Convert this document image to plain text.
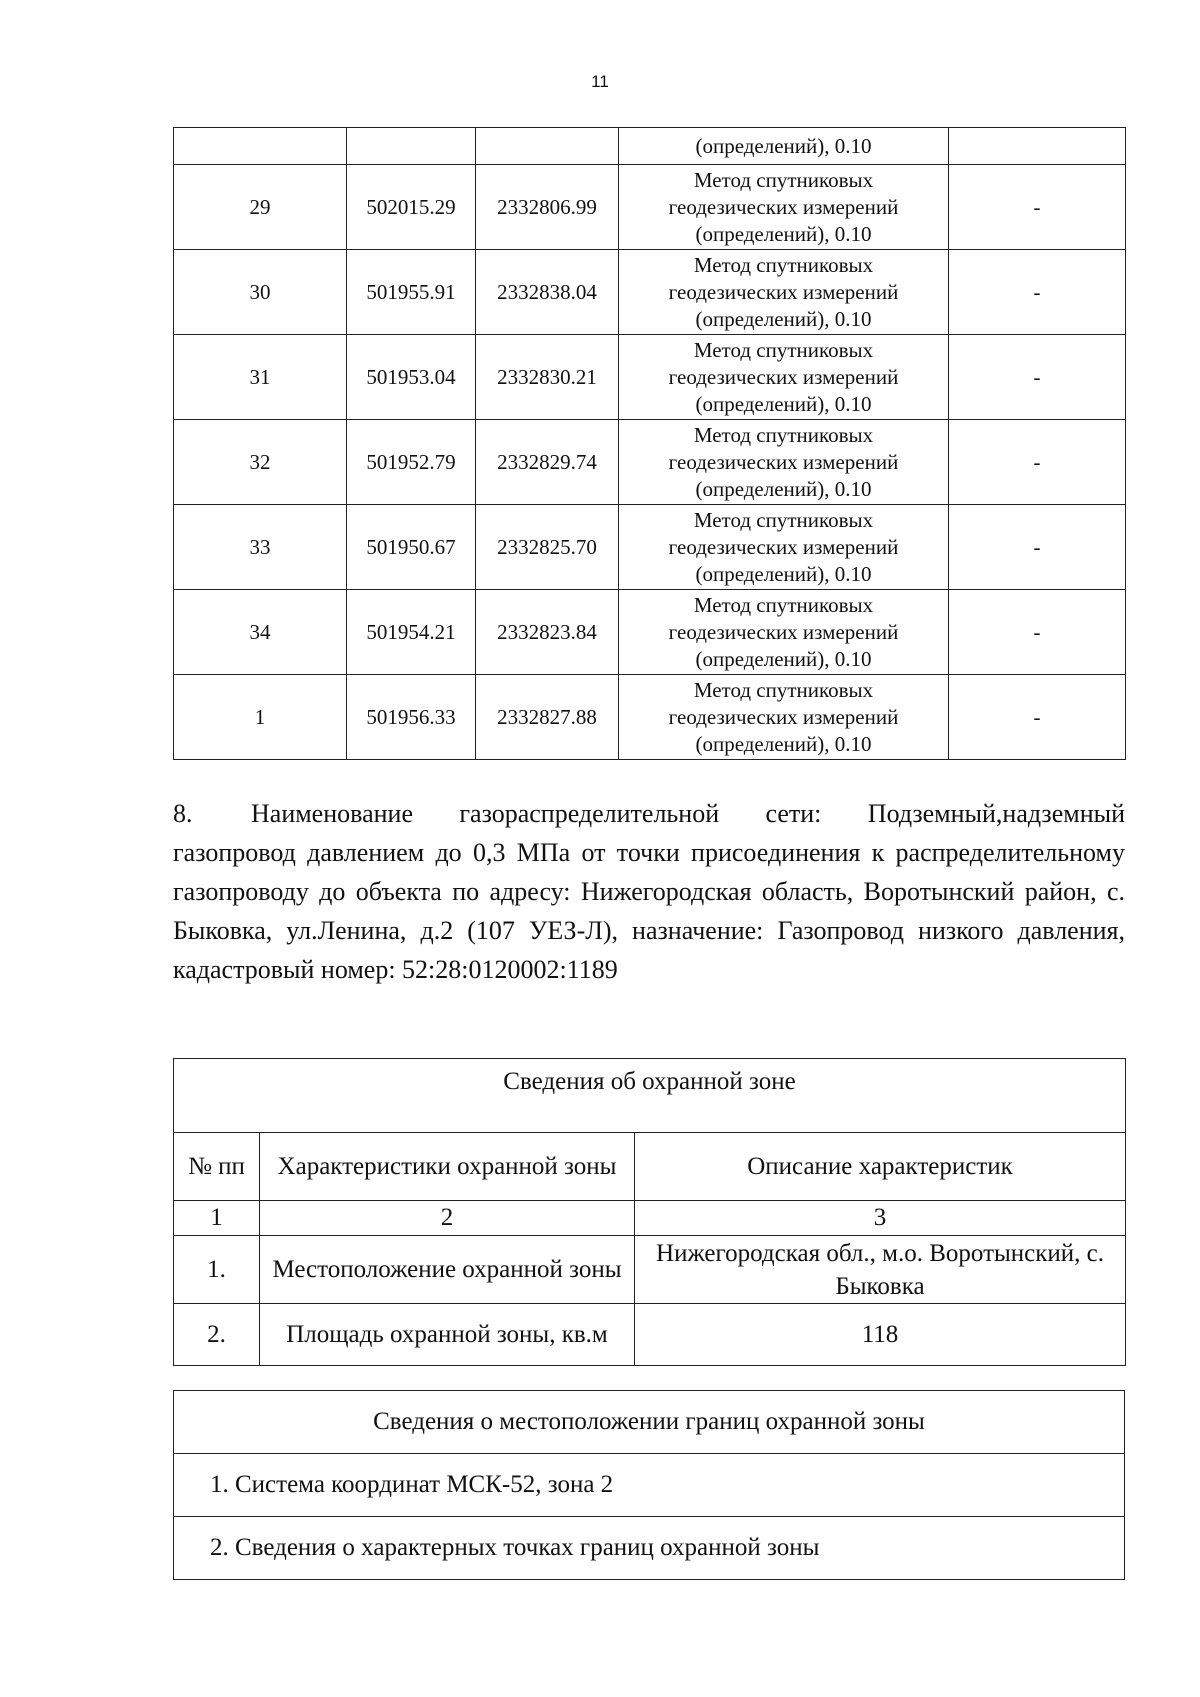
11
			(определений), 0.10	
29	502015.29	2332806.99	Метод спутниковых
геодезических измерений
(определений), 0.10	-
30	501955.91	2332838.04	Метод спутниковых
геодезических измерений
(определений), 0.10	-
31	501953.04	2332830.21	Метод спутниковых
геодезических измерений
(определений), 0.10	-
32	501952.79	2332829.74	Метод спутниковых
геодезических измерений
(определений), 0.10	-
33	501950.67	2332825.70	Метод спутниковых
геодезических измерений
(определений), 0.10	-
34	501954.21	2332823.84	Метод спутниковых
геодезических измерений
(определений), 0.10	-
1	501956.33	2332827.88	Метод спутниковых
геодезических измерений
(определений), 0.10	-

8. Наименование газораспределительной сети: Подземный,надземный газопровод давлением до 0,3 МПа от точки присоединения к распределительному газопроводу до объекта по адресу: Нижегородская область, Воротынский район, с. Быковка, ул.Ленина, д.2 (107 УЕЗ-Л), назначение: Газопровод низкого давления, кадастровый номер: 52:28:0120002:1189

Сведения об охранной зоне		
№ пп	Характеристики охранной зоны	Описание характеристик
1	2	3
1.	Местоположение охранной зоны	Нижегородская обл., м.о. Воротынский, с. Быковка
2.	Площадь охранной зоны, кв.м	118
Сведения о местоположении границ охранной зоны
1. Система координат МСК-52, зона 2
2. Сведения о характерных точках границ охранной зоны
